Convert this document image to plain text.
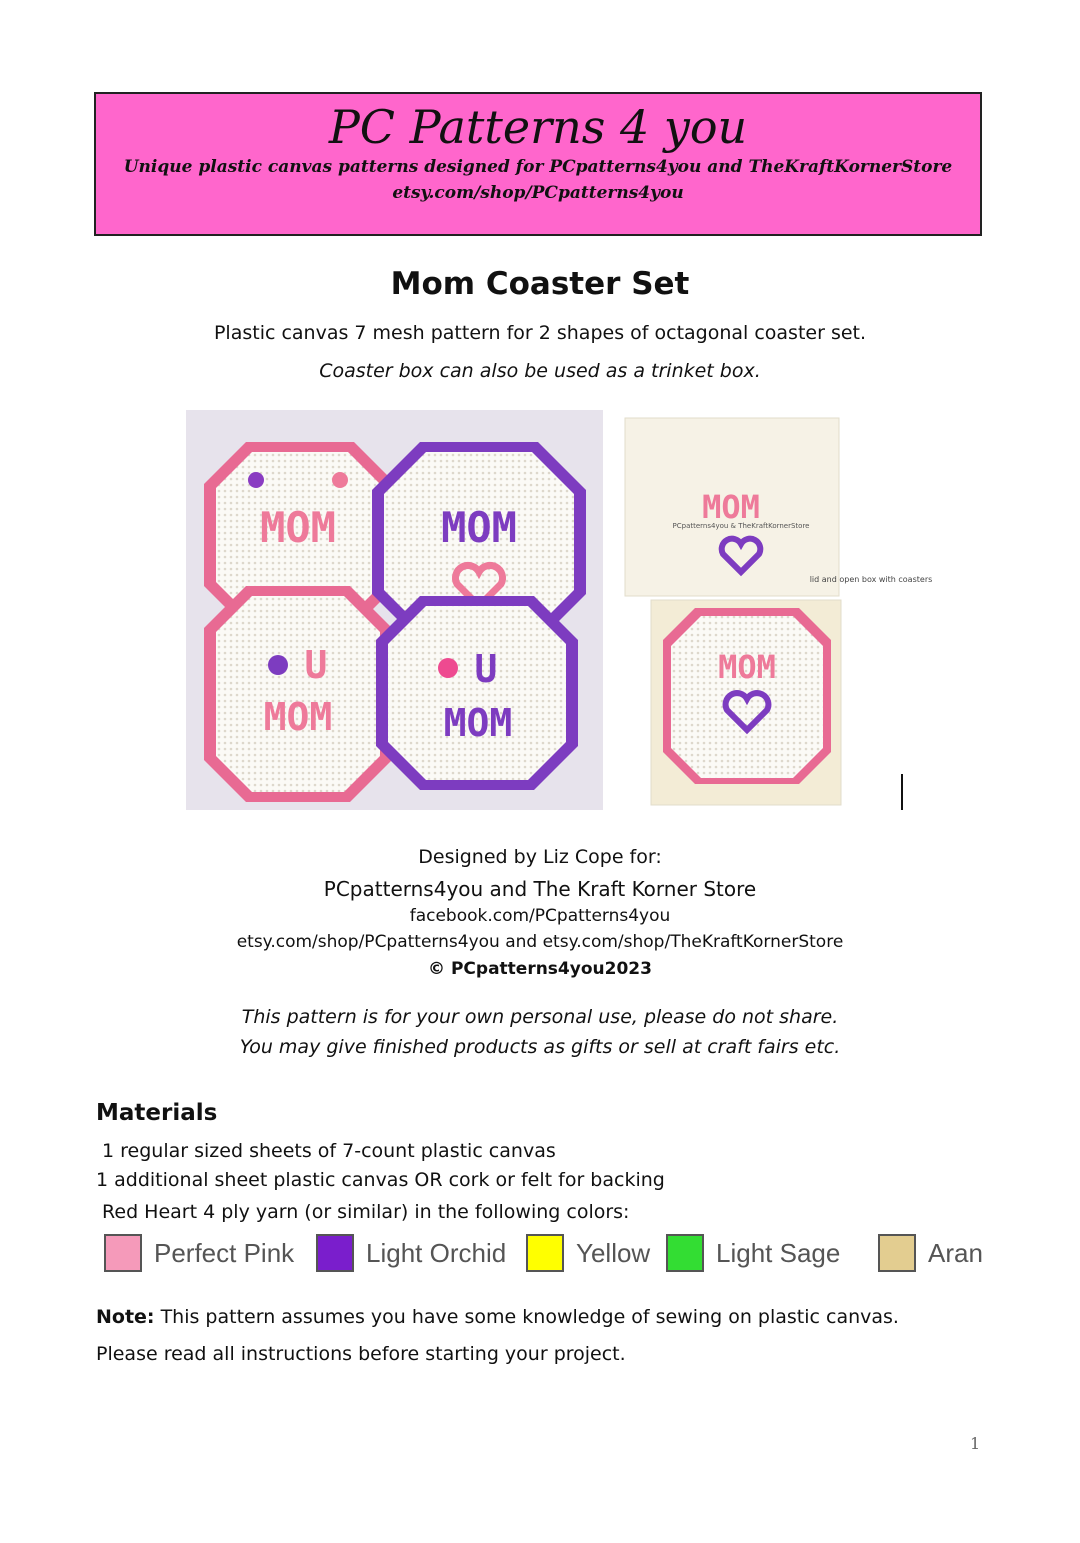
PC Patterns 4 you
Unique plastic canvas patterns designed for PCpatterns4you and TheKraftKornerStore
etsy.com/shop/PCpatterns4you
Mom Coaster Set
Plastic canvas 7 mesh pattern for 2 shapes of octagonal coaster set.
Coaster box can also be used as a trinket box.
MOM	MOM
U
MOM
U
MOM
MOM
PCpatterns4you & TheKraftKornerStore
lid and open box with coasters
MOM
Designed by Liz Cope for:
PCpatterns4you and The Kraft Korner Store
facebook.com/PCpatterns4you
etsy.com/shop/PCpatterns4you and etsy.com/shop/TheKraftKornerStore
© PCpatterns4you2023
This pattern is for your own personal use, please do not share.
You may give finished products as gifts or sell at craft fairs etc.
Materials
1 regular sized sheets of 7-count plastic canvas
1 additional sheet plastic canvas OR cork or felt for backing
Red Heart 4 ply yarn (or similar) in the following colors:
Perfect Pink	Light Orchid	Yellow	Light Sage	Aran
Note: This pattern assumes you have some knowledge of sewing on plastic canvas.
Please read all instructions before starting your project.
1
